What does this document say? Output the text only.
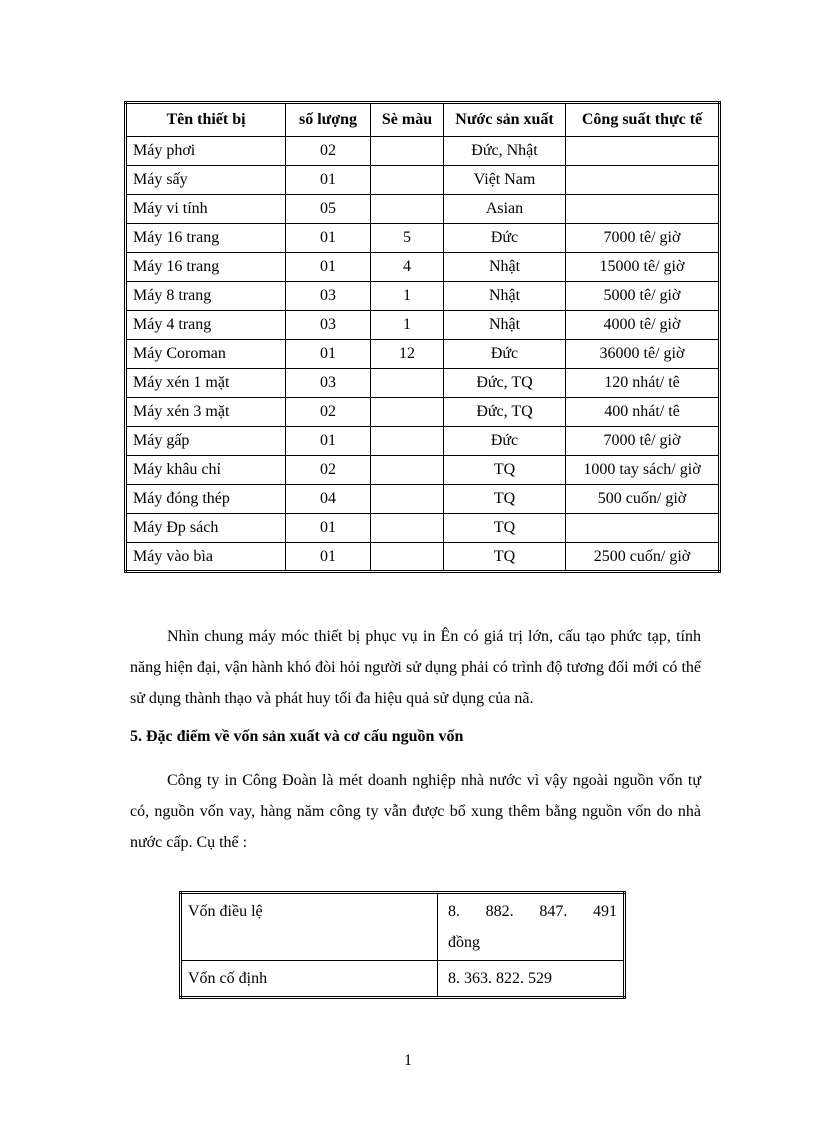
Tên thiết bị	số lượng	Sè màu	Nước sản xuất	Công suất thực tế
Máy phơi	02		Đức, Nhật	
Máy sấy	01		Việt Nam	
Máy vi tính	05		Asian	
Máy 16 trang	01	5	Đức	7000 tê/ giờ
Máy 16 trang	01	4	Nhật	15000 tê/ giờ
Máy 8 trang	03	1	Nhật	5000 tê/ giờ
Máy 4 trang	03	1	Nhật	4000 tê/ giờ
Máy Coroman	01	12	Đức	36000 tê/ giờ
Máy xén 1 mặt	03		Đức, TQ	120 nhát/ tê
Máy xén 3 mặt	02		Đức, TQ	400 nhát/ tê
Máy gấp	01		Đức	7000 tê/ giờ
Máy khâu chỉ	02		TQ	1000 tay sách/ giờ
Máy đóng thép	04		TQ	500 cuốn/ giờ
Máy Đp sách	01		TQ	
Máy vào bìa	01		TQ	2500 cuốn/ giờ

Nhìn chung máy móc thiết bị phục vụ in Ên có giá trị lớn, cấu tạo phức tạp, tính năng hiện đại, vận hành khó đòi hỏi người sử dụng phải có trình độ tương đối mới có thể sử dụng thành thạo và phát huy tối đa hiệu quả sử dụng của nã.

5. Đặc điểm về vốn sản xuất và cơ cấu nguồn vốn

Công ty in Công Đoàn là mét doanh nghiệp nhà nước vì vậy ngoài nguồn vốn tự có, nguồn vốn vay, hàng năm công ty vẫn được bổ xung thêm bằng nguồn vốn do nhà nước cấp. Cụ thể :

Vốn điều lệ	8. 882. 847. 491 đồng
Vốn cố định	8. 363. 822. 529

1
